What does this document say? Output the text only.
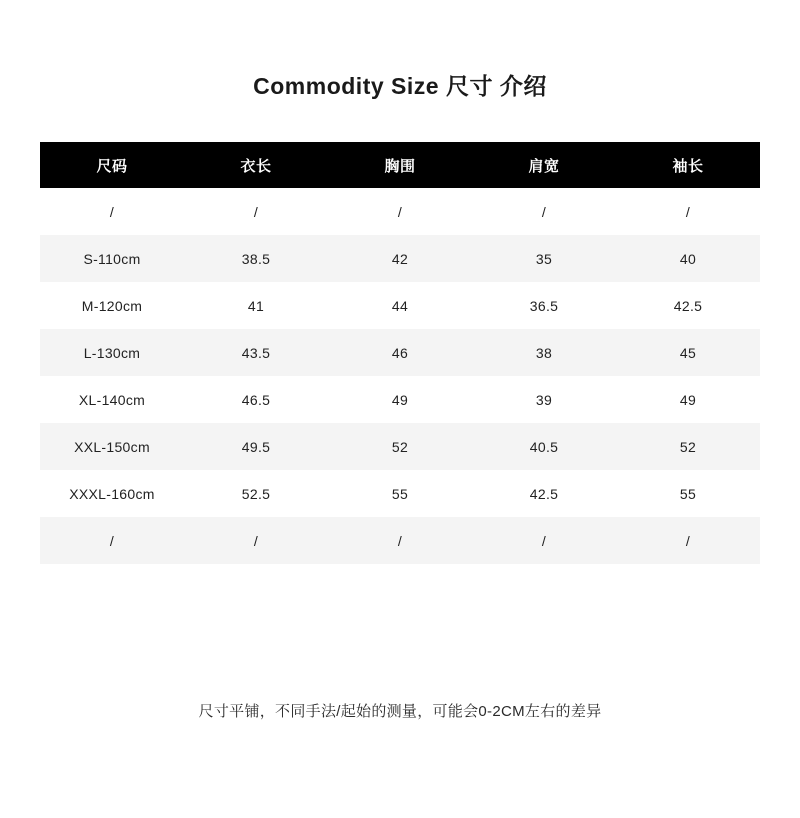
Commodity Size 尺寸 介绍
尺码	衣长	胸围	肩宽	袖长
/	/	/	/	/
S-110cm	38.5	42	35	40
M-120cm	41	44	36.5	42.5
L-130cm	43.5	46	38	45
XL-140cm	46.5	49	39	49
XXL-150cm	49.5	52	40.5	52
XXXL-160cm	52.5	55	42.5	55
/	/	/	/	/
尺寸平铺，不同手法/起始的测量，可能会0-2CM左右的差异
